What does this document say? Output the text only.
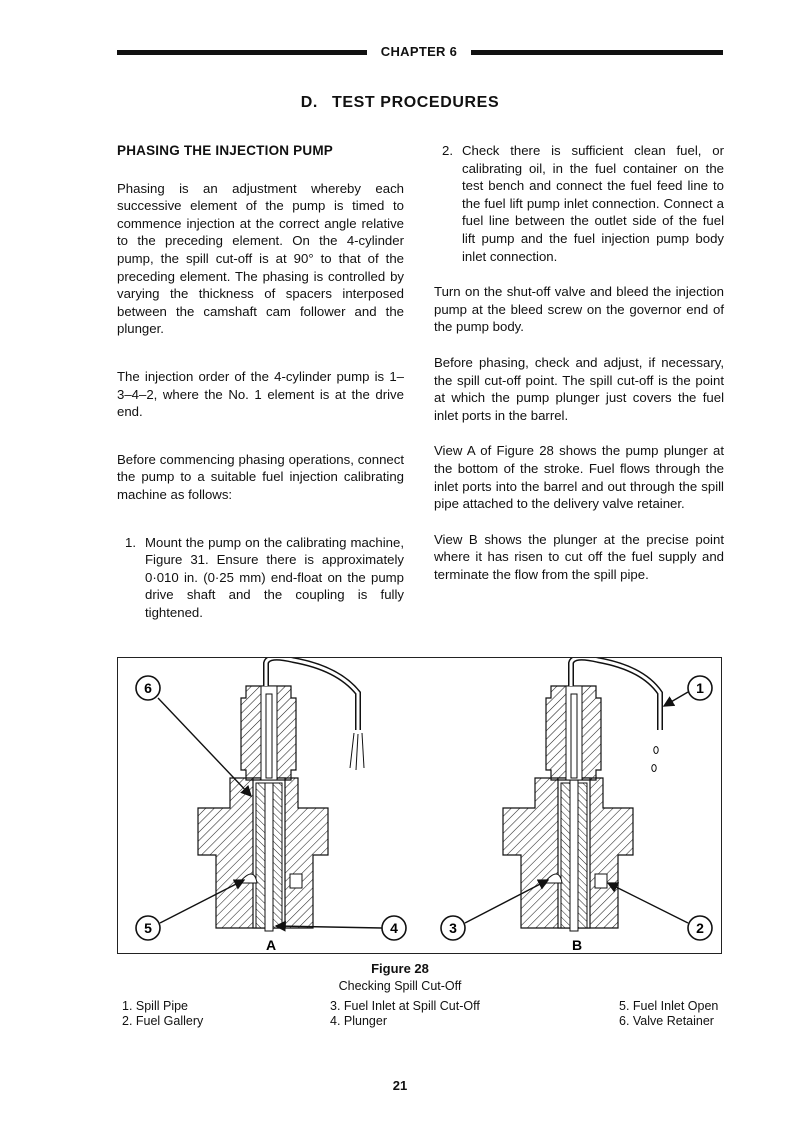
CHAPTER 6
D. TEST PROCEDURES
PHASING THE INJECTION PUMP

Phasing is an adjustment whereby each successive element of the pump is timed to commence injection at the correct angle relative to the preceding element. On the 4-cylinder pump, the spill cut-off is at 90° to that of the preceding element. The phasing is controlled by varying the thickness of spacers interposed between the camshaft cam follower and the plunger.

The injection order of the 4-cylinder pump is 1–3–4–2, where the No. 1 element is at the drive end.

Before commencing phasing operations, connect the pump to a suitable fuel injection calibrating machine as follows:

1. Mount the pump on the calibrating machine, Figure 31. Ensure there is approximately 0·010 in. (0·25 mm) end-float on the pump drive shaft and the coupling is fully tightened.
2. Check there is sufficient clean fuel, or calibrating oil, in the fuel container on the test bench and connect the fuel feed line to the fuel lift pump inlet connection. Connect a fuel line between the outlet side of the fuel lift pump and the fuel injection pump body inlet connection.

Turn on the shut-off valve and bleed the injection pump at the bleed screw on the governor end of the pump body.

Before phasing, check and adjust, if necessary, the spill cut-off point. The spill cut-off is the point at which the pump plunger just covers the fuel inlet ports in the barrel.

View A of Figure 28 shows the pump plunger at the bottom of the stroke. Fuel flows through the inlet ports into the barrel and out through the spill pipe attached to the delivery valve retainer.

View B shows the plunger at the precise point where it has risen to cut off the fuel supply and terminate the flow from the spill pipe.

6
5	4	3	2
1
A	B
Figure 28
Checking Spill Cut-Off
1. Spill Pipe
2. Fuel Gallery
3. Fuel Inlet at Spill Cut-Off
4. Plunger
5. Fuel Inlet Open
6. Valve Retainer
21
